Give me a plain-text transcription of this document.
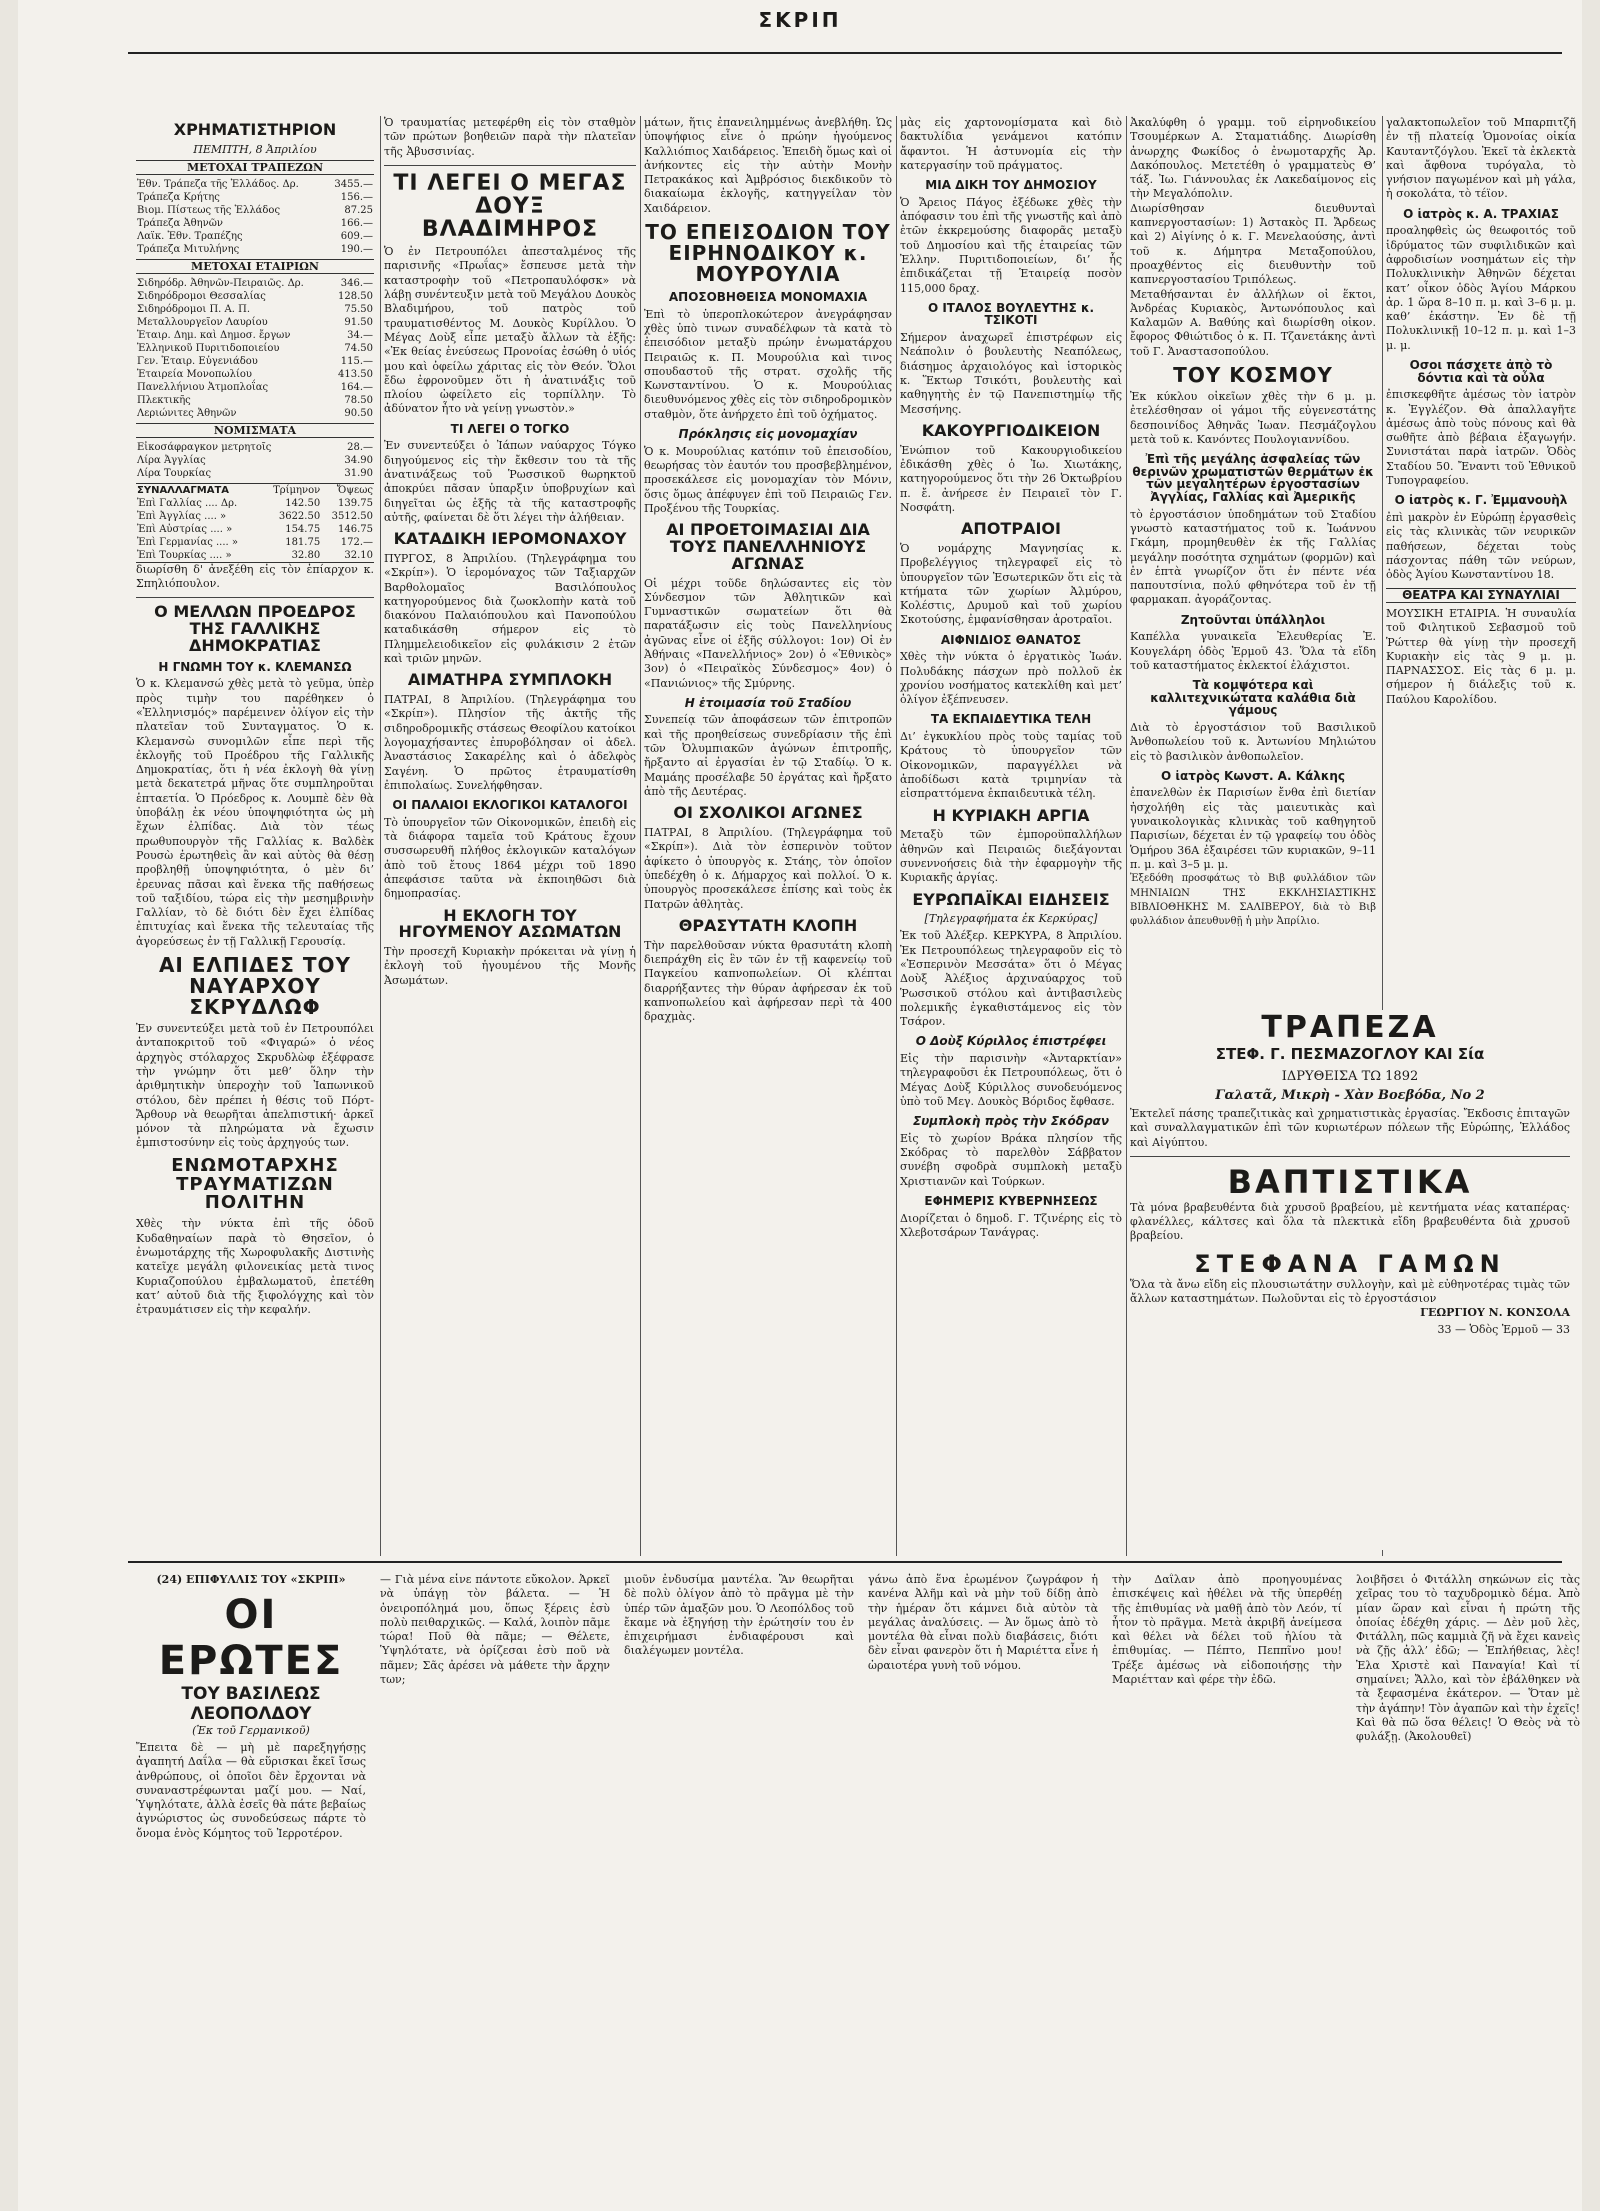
ΣΚΡΙΠ
ΧΡΗΜΑΤΙΣΤΗΡΙΟΝ
ΠΕΜΠΤΗ, 8 Ἀπριλίου
ΜΕΤΟΧΑΙ ΤΡΑΠΕΖΩΝ
Ἐθν. Τράπεζα τῆς Ἑλλάδος. Δρ.	3455.—
Τράπεζα Κρήτης	156.—
Βιομ. Πίστεως τῆς Ἑλλάδος	87.25
Τράπεζα Ἀθηνῶν	166.—
Λαϊκ. Ἐθν. Τραπέζης	609.—
Τράπεζα Μιτυλήνης	190.—
ΜΕΤΟΧΑΙ ΕΤΑΙΡΙΩΝ
Σιδηρόδρ. Ἀθηνῶν-Πειραιῶς. Δρ.	346.—
Σιδηρόδρομοι Θεσσαλίας	128.50
Σιδηρόδρομοι Π. Α. Π.	75.50
Μεταλλουργεῖον Λαυρίου	91.50
Ἑταιρ. Δημ. καὶ Δημοσ. ἔργων	34.—
Ἑλληνικοῦ Πυριτιδοποιείου	74.50
Γεν. Ἑταιρ. Εὐγενιάδου	115.—
Ἑταιρεία Μονοπωλίου	413.50
Πανελλήνιου Ἀτμοπλοΐας	164.—
Πλεκτικῆς	78.50
Λεριώνιτες Ἀθηνῶν	90.50
ΝΟΜΙΣΜΑΤΑ
Εἰκοσάφραγκον μετρητοῖς	28.—
Λίρα Ἀγγλίας	34.90
Λίρα Τουρκίας	31.90
ΣΥΝΑΛΛΑΓΜΑΤΑ	Τρίμηνον	Ὄψεως
Ἐπὶ Γαλλίας .... Δρ.	142.50	139.75
Ἐπὶ Ἀγγλίας .... »	3622.50	3512.50
Ἐπὶ Αὐστρίας .... »	154.75	146.75
Ἐπὶ Γερμανίας .... »	181.75	172.—
Ἐπὶ Τουρκίας .... »	32.80	32.10

διωρίσθη δ' ἀνεξέθη εἰς τὸν ἐπίαρχον κ. Σπηλιόπουλον.

Ο ΜΕΛΛΩΝ ΠΡΟΕΔΡΟΣ ΤΗΣ ΓΑΛΛΙΚΗΣ ΔΗΜΟΚΡΑΤΙΑΣ
Η ΓΝΩΜΗ ΤΟΥ κ. ΚΛΕΜΑΝΣΩ

Ὁ κ. Κλεμανσώ χθὲς μετὰ τὸ γεῦμα, ὑπὲρ πρὸς τιμὴν του παρέθηκεν ὁ «Ἑλληνισμός» παρέμεινεν ὀλίγον εἰς τὴν πλατεῖαν τοῦ Συνταγματος. Ὁ κ. Κλεμανσὼ συνομιλῶν εἶπε περὶ τῆς ἐκλογῆς τοῦ Προέδρου τῆς Γαλλικῆς Δημοκρατίας, ὅτι ἡ νέα ἐκλογὴ θὰ γίνῃ μετὰ δεκατετρά μῆνας ὅτε συμπληροῦται ἑπταετία. Ὁ Πρόεδρος κ. Λουμπὲ δὲν θὰ ὑποβάλῃ ἐκ νέου ὑποψηφιότητα ὡς μὴ ἔχων ἐλπίδας. Διὰ τὸν τέως πρωθυπουργὸν τῆς Γαλλίας κ. Βαλδὲκ Ρουσὼ ἐρωτηθεὶς ἂν καὶ αὐτὸς θὰ θέσῃ προβληθῇ ὑποψηφιότητα, ὁ μὲν δι’ ἐρευνας πᾶσαι καὶ ἕνεκα τῆς παθήσεως τοῦ ταξιδίου, τώρα εἰς τὴν μεσημβρινὴν Γαλλίαν, τὸ δὲ διότι δὲν ἔχει ἐλπίδας ἐπιτυχίας καὶ ἕνεκα τῆς τελευταίας τῆς ἀγορεύσεως ἐν τῇ Γαλλικῇ Γερουσίᾳ.

ΑΙ ΕΛΠΙΔΕΣ ΤΟΥ ΝΑΥΑΡΧΟΥ ΣΚΡΥΔΛΩΦ

Ἐν συνεντεύξει μετὰ τοῦ ἐν Πετρουπόλει ἀνταποκριτοῦ τοῦ «Φιγαρώ» ὁ νέος ἀρχηγὸς στόλαρχος Σκρυδλὼφ ἐξέφρασε τὴν γνώμην ὅτι μεθ’ ὅλην τὴν ἀριθμητικὴν ὑπεροχὴν τοῦ Ἰαπωνικοῦ στόλου, δὲν πρέπει ἡ θέσις τοῦ Πόρτ-Ἄρθουρ νὰ θεωρῆται ἀπελπιστική· ἀρκεῖ μόνον τὰ πληρώματα νὰ ἔχωσιν ἐμπιστοσύνην εἰς τοὺς ἀρχηγούς των.

ΕΝΩΜΟΤΑΡΧΗΣ ΤΡΑΥΜΑΤΙΖΩΝ ΠΟΛΙΤΗΝ

Χθὲς τὴν νύκτα ἐπὶ τῆς ὁδοῦ Κυδαθηναίων παρὰ τὸ Θησεῖον, ὁ ἐνωμοτάρχης τῆς Χωροφυλακῆς Διστινὴς κατεῖχε μεγάλη φιλονεικίας μετὰ τινος Κυριαζοπούλου ἐμβαλωματοῦ, ἐπετέθη κατ’ αὐτοῦ διὰ τῆς ξιφολόγχης καὶ τὸν ἐτραυμάτισεν εἰς τὴν κεφαλήν.

Ὁ τραυματίας μετεφέρθη εἰς τὸν σταθμὸν τῶν πρώτων βοηθειῶν παρὰ τὴν πλατεῖαν τῆς Ἀβυσσινίας.

ΤΙ ΛΕΓΕΙ Ο ΜΕΓΑΣ ΔΟΥΞ ΒΛΑΔΙΜΗΡΟΣ

Ὁ ἐν Πετρουπόλει ἀπεσταλμένος τῆς παρισινῆς «Πρωΐας» ἔσπευσε μετὰ τὴν καταστροφὴν τοῦ «Πετροπαυλόφσκ» νὰ λάβῃ συνέντευξιν μετὰ τοῦ Μεγάλου Δουκὸς Βλαδιμήρου, τοῦ πατρὸς τοῦ τραυματισθέντος Μ. Δουκὸς Κυρίλλου. Ὁ Μέγας Δοὺξ εἶπε μεταξὺ ἄλλων τὰ ἑξῆς: «Ἐκ θείας ἐνεύσεως Προνοίας ἐσώθη ὁ υἱός μου καὶ ὀφείλω χάριτας εἰς τὸν Θεόν. Ὅλοι ἔδω ἐφρονοῦμεν ὅτι ἡ ἀνατινάξις τοῦ πλοίου ὠφείλετο εἰς τορπίλλην. Τὸ ἀδύνατον ἦτο νὰ γείνῃ γνωστὸν.»

ΤΙ ΛΕΓΕΙ Ο ΤΟΓΚΟ

Ἐν συνεντεύξει ὁ Ἰάπων ναύαρχος Τόγκο διηγούμενος εἰς τὴν ἔκθεσιν του τὰ τῆς ἀνατινάξεως τοῦ Ῥωσσικοῦ θωρηκτοῦ ἀποκρύει πᾶσαν ὑπαρξιν ὑποβρυχίων καὶ διηγεῖται ὡς ἑξῆς τὰ τῆς καταστροφῆς αὐτῆς, φαίνεται δὲ ὅτι λέγει τὴν ἀλήθειαν.

ΚΑΤΑΔΙΚΗ ΙΕΡΟΜΟΝΑΧΟΥ

ΠΥΡΓΟΣ, 8 Ἀπριλίου. (Τηλεγράφημα του «Σκρίπ»). Ὁ ἱερομόναχος τῶν Ταξιαρχῶν Βαρθολομαῖος Βασιλόπουλος κατηγορούμενος διὰ ζωοκλοπὴν κατὰ τοῦ διακόνου Παλαιόπουλου καὶ Πανοπούλου καταδικάσθη σήμερον εἰς τὸ Πλημμελειοδικεῖον εἰς φυλάκισιν 2 ἐτῶν καὶ τριῶν μηνῶν.

ΑΙΜΑΤΗΡΑ ΣΥΜΠΛΟΚΗ

ΠΑΤΡΑΙ, 8 Ἀπριλίου. (Τηλεγράφημα του «Σκρίπ»). Πλησίον τῆς ἀκτῆς τῆς σιδηροδρομικῆς στάσεως Θεοφίλου κατοίκοι λογομαχήσαντες ἐπυροβόλησαν οἱ ἀδελ. Ἀναστάσιος Σακαρέλης καὶ ὁ ἀδελφὸς Σαγένη. Ὁ πρῶτος ἐτραυματίσθη ἐπιπολαίως. Συνελήφθησαν.

ΟΙ ΠΑΛΑΙΟΙ ΕΚΛΟΓΙΚΟΙ ΚΑΤΑΛΟΓΟΙ

Τὸ ὑπουργεῖον τῶν Οἰκονομικῶν, ἐπειδὴ εἰς τὰ διάφορα ταμεῖα τοῦ Κράτους ἔχουν συσσωρευθῆ πλήθος ἐκλογικῶν καταλόγων ἀπὸ τοῦ ἔτους 1864 μέχρι τοῦ 1890 ἀπεφάσισε ταῦτα νὰ ἐκποιηθῶσι διὰ δημοπρασίας.

Η ΕΚΛΟΓΗ ΤΟΥ ΗΓΟΥΜΕΝΟΥ ΑΣΩΜΑΤΩΝ

Τὴν προσεχῆ Κυριακὴν πρόκειται νὰ γίνῃ ἡ ἐκλογὴ τοῦ ἡγουμένου τῆς Μονῆς Ἀσωμάτων.

μάτων, ἥτις ἐπανειλημμένως ἀνεβλήθη. Ὡς ὑποψήφιος εἶνε ὁ πρώην ἡγούμενος Καλλιόπιος Χαιδάρειος. Ἐπειδὴ ὅμως καὶ οἱ ἀνήκοντες εἰς τὴν αὐτὴν Μονὴν Πετρακάκος καὶ Ἀμβρόσιος διεκδικοῦν τὸ διακαίωμα ἐκλογῆς, κατηγγείλαν τὸν Χαιδάρειον.

ΤΟ ΕΠΕΙΣΟΔΙΟΝ ΤΟΥ ΕΙΡΗΝΟΔΙΚΟΥ κ. ΜΟΥΡΟΥΛΙΑ
ΑΠΟΣΟΒΗΘΕΙΣΑ ΜΟΝΟΜΑΧΙΑ

Ἐπὶ τὸ ὑπεροπλοκώτερον ἀνεγράφησαν χθὲς ὑπὸ τινων συναδέλφων τὰ κατὰ τὸ ἐπεισόδιον μεταξὺ πρώην ἐνωματάρχου Πειραιῶς κ. Π. Μουρούλια καὶ τινος σπουδαστοῦ τῆς στρατ. σχολῆς τῆς Κωνσταντίνου. Ὁ κ. Μουρούλιας διευθυνόμενος χθὲς εἰς τὸν σιδηροδρομικὸν σταθμὸν, ὅτε ἀνήρχετο ἐπὶ τοῦ ὀχήματος.

Πρόκλησις εἰς μονομαχίαν

Ὁ κ. Μουρούλιας κατόπιν τοῦ ἐπεισοδίου, θεωρήσας τὸν ἑαυτόν του προσβεβλημένον, προσεκάλεσε εἰς μονομαχίαν τὸν Μόνιν, ὅσις ὅμως ἀπέφυγεν ἐπὶ τοῦ Πειραιῶς Γεν. Προξένου τῆς Τουρκίας.

ΑΙ ΠΡΟΕΤΟΙΜΑΣΙΑΙ ΔΙΑ ΤΟΥΣ ΠΑΝΕΛΛΗΝΙΟΥΣ ΑΓΩΝΑΣ

Οἱ μέχρι τοῦδε δηλώσαντες εἰς τὸν Σύνδεσμον τῶν Ἀθλητικῶν καὶ Γυμναστικῶν σωματείων ὅτι θὰ παρατάξωσιν εἰς τοὺς Πανελληνίους ἀγῶνας εἶνε οἱ ἑξῆς σύλλογοι: 1ον) Οἱ ἐν Ἀθήναις «Πανελλήνιος» 2ον) ὁ «Ἐθνικὸς» 3ον) ὁ «Πειραϊκὸς Σύνδεσμος» 4ον) ὁ «Πανιώνιος» τῆς Σμύρνης.

Η ἑτοιμασία τοῦ Σταδίου

Συνεπείᾳ τῶν ἀποφάσεων τῶν ἐπιτροπῶν καὶ τῆς προηθείσεως συνεδρίασιν τῆς ἐπὶ τῶν Ὀλυμπιακῶν ἀγώνων ἐπιτροπῆς, ἤρξαντο αἱ ἐργασίαι ἐν τῷ Σταδίῳ. Ὁ κ. Μαμάης προσέλαβε 50 ἐργάτας καὶ ἤρξατο ἀπὸ τῆς Δευτέρας.

ΟΙ ΣΧΟΛΙΚΟΙ ΑΓΩΝΕΣ

ΠΑΤΡΑΙ, 8 Ἀπριλίου. (Τηλεγράφημα τοῦ «Σκρίπ»). Διὰ τὸν ἐσπερινὸν τοῦτον ἀφίκετο ὁ ὑπουργὸς κ. Στάης, τὸν ὁποῖον ὑπεδέχθη ὁ κ. Δήμαρχος καὶ πολλοί. Ὁ κ. ὑπουργὸς προσεκάλεσε ἐπίσης καὶ τοὺς ἐκ Πατρῶν ἀθλητὰς.

ΘΡΑΣΥΤΑΤΗ ΚΛΟΠΗ

Τὴν παρελθοῦσαν νύκτα θρασυτάτη κλοπὴ διεπράχθη εἰς ἓν τῶν ἐν τῇ καφενείῳ τοῦ Παγκείου καπνοπωλείων. Οἱ κλέπται διαρρήξαντες τὴν θύραν ἀφήρεσαν ἐκ τοῦ καπνοπωλείου καὶ ἀφήρεσαν περὶ τὰ 400 δραχμὰς.

μὰς εἰς χαρτονομίσματα καὶ διὸ δακτυλίδια γενάμενοι κατόπιν ἄφαντοι. Ἡ ἀστυνομία εἰς τὴν κατεργασίην τοῦ πράγματος.

ΜΙΑ ΔΙΚΗ ΤΟΥ ΔΗΜΟΣΙΟΥ

Ὁ Ἄρειος Πάγος ἐξέδωκε χθὲς τὴν ἀπόφασιν του ἐπὶ τῆς γνωστῆς καὶ ἀπὸ ἐτῶν ἐκκρεμούσης διαφορᾶς μεταξὺ τοῦ Δημοσίου καὶ τῆς ἑταιρείας τῶν Ἐλλην. Πυριτιδοποιείων, δι’ ἧς ἐπιδικάζεται τῇ Ἑταιρείᾳ ποσὸν 115,000 δραχ.

Ο ΙΤΑΛΟΣ ΒΟΥΛΕΥΤΗΣ κ. ΤΣΙΚΟΤΙ

Σήμερον ἀναχωρεῖ ἐπιστρέφων εἰς Νεάπολιν ὁ βουλευτὴς Νεαπόλεως, διάσημος ἀρχαιολόγος καὶ ἱστορικὸς κ. Ἕκτωρ Τσικότι, βουλευτὴς καὶ καθηγητὴς ἐν τῷ Πανεπιστημίῳ τῆς Μεσσήνης.

ΚΑΚΟΥΡΓΙΟΔΙΚΕΙΟΝ

Ἐνώπιον τοῦ Κακουργιοδικείου ἐδικάσθη χθὲς ὁ Ἰω. Χιωτάκης, κατηγορούμενος ὅτι τὴν 26 Ὀκτωβρίου π. ἔ. ἀνήρεσε ἐν Πειραιεῖ τὸν Γ. Νοσφάτη.

ΑΠΟΤΡΑΙΟΙ

Ὁ νομάρχης Μαγνησίας κ. Προβελέγγιος τηλεγραφεῖ εἰς τὸ ὑπουργεῖον τῶν Ἐσωτερικῶν ὅτι εἰς τὰ κτήματα τῶν χωρίων Ἀλμύρου, Κολέστις, Δρυμοῦ καὶ τοῦ χωρίου Σκοτούσης, ἐμφανίσθησαν ἀροτραῖοι.

ΑΙΦΝΙΔΙΟΣ ΘΑΝΑΤΟΣ

Χθὲς τὴν νύκτα ὁ ἐργατικὸς Ἰωάν. Πολυδάκης πάσχων πρὸ πολλοῦ ἐκ χρονίου νοσήματος κατεκλίθη καὶ μετ’ ὀλίγον ἐξέπνευσεν.

ΤΑ ΕΚΠΑΙΔΕΥΤΙΚΑ ΤΕΛΗ

Δι’ ἐγκυκλίου πρὸς τοὺς ταμίας τοῦ Κράτους τὸ ὑπουργεῖον τῶν Οἰκονομικῶν, παραγγέλλει νὰ ἀποδίδωσι κατὰ τριμηνίαν τὰ εἰσπραττόμενα ἐκπαιδευτικὰ τέλη.

Η ΚΥΡΙΑΚΗ ΑΡΓΙΑ

Μεταξὺ τῶν ἐμποροϋπαλλήλων ἀθηνῶν καὶ Πειραιῶς διεξάγονται συνεννοήσεις διὰ τὴν ἐφαρμογὴν τῆς Κυριακῆς ἀργίας.

ΕΥΡΩΠΑΪΚΑΙ ΕΙΔΗΣΕΙΣ
[Τηλεγραφήματα ἐκ Κερκύρας]

Ἐκ τοῦ Ἀλέξερ. ΚΕΡΚΥΡΑ, 8 Ἀπριλίου. Ἐκ Πετρουπόλεως τηλεγραφοῦν εἰς τὸ «Ἑσπερινὸν Μεσσάτα» ὅτι ὁ Μέγας Δοὺξ Ἀλέξιος ἀρχιναύαρχος τοῦ Ῥωσσικοῦ στόλου καὶ ἀντιβασιλεὺς πολεμικῆς ἐγκαθιστάμενος εἰς τὸν Τσάρον.

Ο Δοὺξ Κύριλλος ἐπιστρέφει

Εἰς τὴν παρισινὴν «Ἀνταρκτίαν» τηλεγραφοῦσι ἐκ Πετρουπόλεως, ὅτι ὁ Μέγας Δοὺξ Κύριλλος συνοδευόμενος ὑπὸ τοῦ Μεγ. Δουκὸς Βόριδος ἔφθασε.

Συμπλοκὴ πρὸς τὴν Σκόδραν

Εἰς τὸ χωρίον Βράκα πλησίον τῆς Σκόδρας τὸ παρελθὸν Σάββατον συνέβη σφοδρὰ συμπλοκὴ μεταξὺ Χριστιανῶν καὶ Τούρκων.

ΕΦΗΜΕΡΙΣ ΚΥΒΕΡΝΗΣΕΩΣ

Διορίζεται ὁ δημοδ. Γ. Τζινέρης εἰς τὸ Χλεβοτσάρων Τανάγρας.

Ἀκαλύφθη ὁ γραμμ. τοῦ εἰρηνοδικείου Τσουμέρκων Α. Σταματιάδης. Διωρίσθη ἀνωρχης Φωκίδος ὁ ἐνωμοταρχῆς Ἀρ. Δακόπουλος. Μετετέθη ὁ γραμματεὺς Θ’ τάξ. Ἰω. Γιάννουλας ἐκ Λακεδαίμονος εἰς τὴν Μεγαλόπολιν.

Διωρίσθησαν διευθυνταὶ καπνεργοστασίων: 1) Ἀστακὸς Π. Ἄρδεως καὶ 2) Αἰγίνης ὁ κ. Γ. Μενελαούσης, ἀντὶ τοῦ κ. Δήμητρα Μεταξοπούλου, προαχθέντος εἰς διευθυντὴν τοῦ καπνεργοστασίου Τριπόλεως.

Μεταθήσανται ἐν ἀλλήλων οἱ ἕκτοι, Ἀνδρέας Κυριακὸς, Ἀντωνόπουλος καὶ Καλαμῶν Α. Βαθύης καὶ διωρίσθη οἰκον. ἔφορος Φθιώτιδος ὁ κ. Π. Τζανετάκης ἀντὶ τοῦ Γ. Ἀναστασοπούλου.

ΤΟΥ ΚΟΣΜΟΥ

Ἐκ κύκλου οἰκεῖων χθὲς τὴν 6 μ. μ. ἐτελέσθησαν οἱ γάμοι τῆς εὐγενεστάτης δεσποινίδος Ἀθηνᾶς Ἰωαν. Πεσμάζογλου μετὰ τοῦ κ. Κανόντες Πουλογιαννίδου.

Ἐπὶ τῆς μεγάλης ἀσφαλείας τῶν θερινῶν χρωματιστῶν θερμάτων ἐκ τῶν μεγαλητέρων ἐργοστασίων Ἀγγλίας, Γαλλίας καὶ Ἀμερικῆς

τὸ ἐργοστάσιον ὑποδημάτων τοῦ Σταδίου γνωστὸ καταστήματος τοῦ κ. Ἰωάννου Γκάμη, προμηθευθὲν ἐκ τῆς Γαλλίας μεγάλην ποσότητα σχημάτων (φορμῶν) καὶ ἐν ἑπτὰ γνωρίζον ὅτι ἐν πέντε νέα παπουτσίνια, πολύ φθηνότερα τοῦ ἐν τῇ φαρμακαπ. ἀγοράζοντας.

Ζητοῦνται ὑπάλληλοι

Καπέλλα γυναικεῖα Ἐλευθερίας Ἐ. Κουγελάρη ὁδὸς Ἑρμοῦ 43. Ὅλα τὰ εἴδη τοῦ καταστήματος ἐκλεκτοί ἐλάχιστοι.

Τὰ κομψότερα καὶ καλλιτεχνικώτατα καλάθια διὰ γάμους

Διὰ τὸ ἐργοστάσιον τοῦ Βασιλικοῦ Ἀνθοπωλείου τοῦ κ. Ἀντωνίου Μηλιώτου εἰς τὸ βασιλικὸν ἀνθοπωλεῖον.

Ο ἰατρὸς Κωνστ. Α. Κάλκης

ἐπανελθὼν ἐκ Παρισίων ἔνθα ἐπὶ διετίαν ἠσχολήθη εἰς τὰς μαιευτικὰς καὶ γυναικολογικὰς κλινικὰς τοῦ καθηγητοῦ Παρισίων, δέχεται ἐν τῷ γραφείῳ του ὁδὸς Ὁμήρου 36Α ἐξαιρέσει τῶν κυριακῶν, 9–11 π. μ. καὶ 3–5 μ. μ.

Ἐξεδόθη προσφάτως τὸ Βιβ φυλλάδιον τῶν ΜΗΝΙΑΙΩΝ ΤΗΣ ΕΚΚΛΗΣΙΑΣΤΙΚΗΣ ΒΙΒΛΙΟΘΗΚΗΣ Μ. ΣΑΛΙΒΕΡΟΥ, διὰ τὸ Βιβ φυλλάδιον ἀπευθυνθῇ ἡ μὴν Ἀπρίλιο.

γαλακτοπωλεῖον τοῦ Μπαρπιτζῆ ἐν τῇ πλατείᾳ Ὁμονοίας οἰκία Καυταντζόγλου. Ἐκεῖ τὰ ἐκλεκτὰ καὶ ἄφθονα τυρόγαλα, τὸ γνήσιον παγωμένον καὶ μὴ γάλα, ἡ σοκολάτα, τὸ τέϊον.

Ο ἰατρὸς κ. Α. ΤΡΑΧΙΑΣ

προαληφθεὶς ὡς θεωφοιτός τοῦ ἱδρύματος τῶν συφιλιδικῶν καὶ ἀφροδισίων νοσημάτων εἰς τὴν Πολυκλινικὴν Ἀθηνῶν δέχεται κατ’ οἶκον ὁδὸς Ἁγίου Μάρκου ἀρ. 1 ὥρα 8–10 π. μ. καὶ 3–6 μ. μ. καθ’ ἑκάστην. Ἐν δὲ τῇ Πολυκλινικῇ 10–12 π. μ. καὶ 1–3 μ. μ.

Οσοι πάσχετε ἀπὸ τὸ δόντια καὶ τὰ οὖλα

ἐπισκεφθῆτε ἀμέσως τὸν ἰατρὸν κ. Ἐγγλέζον. Θὰ ἀπαλλαγῆτε ἀμέσως ἀπὸ τοὺς πόνους καὶ θὰ σωθῆτε ἀπὸ βέβαια ἐξαγωγήν. Συνιστάται παρὰ ἰατρῶν. Ὁδὸς Σταδίου 50. Ἔναντι τοῦ Ἐθνικοῦ Τυπογραφείου.

Ο ἰατρὸς κ. Γ. Ἐμμανουὴλ

ἐπὶ μακρὸν ἐν Εὐρώπῃ ἐργασθεὶς εἰς τὰς κλινικὰς τῶν νευρικῶν παθήσεων, δέχεται τοὺς πάσχοντας πάθη τῶν νεύρων, ὁδὸς Ἁγίου Κωνσταντίνου 18.

ΘΕΑΤΡΑ ΚΑΙ ΣΥΝΑΥΛΙΑΙ

ΜΟΥΣΙΚΗ ΕΤΑΙΡΙΑ. Ἡ συναυλία τοῦ Φιλητικοῦ Σεβασμοῦ τοῦ Ῥώττερ θὰ γίνῃ τὴν προσεχῆ Κυριακὴν εἰς τὰς 9 μ. μ. ΠΑΡΝΑΣΣΟΣ. Εἰς τὰς 6 μ. μ. σήμερον ἡ διάλεξις τοῦ κ. Παύλου Καρολίδου.

ΤΡΑΠΕΖΑ
ΣΤΕΦ. Γ. ΠΕΣΜΑΖΟΓΛΟΥ ΚΑΙ Σία
ΙΔΡΥΘΕΙΣΑ ΤΩ 1892
Γαλατᾶ, Μικρὴ - Χὰν Βοεβόδα, Νο 2

Ἐκτελεῖ πάσης τραπεζιτικὰς καὶ χρηματιστικὰς ἐργασίας. Ἔκδοσις ἐπιταγῶν καὶ συναλλαγματικῶν ἐπὶ τῶν κυριωτέρων πόλεων τῆς Εὐρώπης, Ἑλλάδος καὶ Αἰγύπτου.

ΒΑΠΤΙΣΤΙΚΑ

Τὰ μόνα βραβευθέντα διὰ χρυσοῦ βραβείου, μὲ κεντήματα νέας καταπέρας· φλανέλλες, κάλτσες καὶ ὅλα τὰ πλεκτικὰ εἴδη βραβευθέντα διὰ χρυσοῦ βραβείου.

ΣΤΕΦΑΝΑ ΓΑΜΩΝ

Ὅλα τὰ ἄνω εἴδη εἰς πλουσιωτάτην συλλογὴν, καὶ μὲ εὐθηνοτέρας τιμὰς τῶν ἄλλων καταστημάτων. Πωλοῦνται εἰς τὸ ἐργοστάσιον

ΓΕΩΡΓΙΟΥ Ν. ΚΟΝΣΟΛΑ
33 — Ὁδὸς Ἑρμοῦ — 33
(24) ΕΠΙΦΥΛΛΙΣ ΤΟΥ «ΣΚΡΙΠ»
ΟΙ ΕΡΩΤΕΣ
ΤΟΥ ΒΑΣΙΛΕΩΣ ΛΕΟΠΟΛΔΟΥ
(Ἐκ τοῦ Γερμανικοῦ)

Ἔπειτα δὲ — μὴ μὲ παρεξηγήσῃς ἀγαπητή Δαΐλα — θὰ εὕρισκαι ἔκεῖ ἴσως ἀνθρώπους, οἱ ὁποῖοι δὲν ἔρχονται νὰ συναναστρέφωνται μαζί μου. — Ναί, Ὑψηλότατε, ἀλλὰ ἐσεῖς θὰ πάτε βεβαίως ἀγνώριστος ὡς συνοδεύσεως πάρτε τὸ ὄνομα ἑνὸς Κόμητος τοῦ Ἱερροτέρον.

— Γιὰ μένα εἶνε πάντοτε εὔκολον. Ἀρκεῖ νὰ ὑπάγῃ τὸν βάλετα. — Ἡ ὀνειροπόλημά μου, ὅπως ξέρεις ἐσὺ πολὺ πειθαρχικῶς. — Καλά, λοιπὸν πᾶμε τώρα! Ποῦ θὰ πᾶμε; — Θέλετε, Ὑψηλότατε, νὰ ὁρίζεσαι ἐσὺ ποῦ νὰ πᾶμεν; Σᾶς ἀρέσει νὰ μάθετε τὴν ἄρχην των;

μιοῦν ἐνδυσίμα μαντέλα. Ἂν θεωρῆται δὲ πολὺ ὀλίγον ἀπὸ τὸ πρᾶγμα μὲ τὴν ὑπέρ τῶν ἀμαξῶν μου. Ὁ Λεοπόλδος τοῦ ἔκαμε νὰ ἑξηγήσῃ τὴν ἐρώτησίν του ἐν ἐπιχειρήμασι ἐνδιαφέρουσι καὶ διαλέγωμεν μοντέλα.

γάνω ἀπὸ ἕνα ἐρωμένον ζωγράφον ἡ κανένα Ἀλῆμ καὶ νὰ μὴν τοῦ δίδῃ ἀπὸ τὴν ἡμέραν ὅτι κάμνει διὰ αὐτὸν τὰ μεγάλας ἀναλύσεις. — Ἀν ὅμως ἀπὸ τὸ μοντέλα θὰ εἶναι πολὺ διαβάσεις, διότι δὲν εἶναι φανερὸν ὅτι ἡ Μαριέττα εἶνε ἡ ὡραιοτέρα γυνὴ τοῦ νόμου.

τὴν Δαΐλαν ἀπὸ προηγουμένας ἐπισκέψεις καὶ ἠθέλει νὰ τῆς ὑπερθέῃ τῆς ἐπιθυμίας νὰ μαθῇ ἀπὸ τὸν Λεόν, τί ἦτον τὸ πρᾶγμα. Μετὰ ἀκριβῆ ἀνείμεσα καὶ θέλει νὰ δέλει τοῦ ἡλίου τὰ ἐπιθυμίας. — Πέπτο, Πεππῖνο μου! Τρέξε ἀμέσως νὰ εἰδοποιήσῃς τὴν Μαριέτταν καὶ φέρε τὴν ἐδῶ.

λοιβῆσει ὁ Φιτάλλη σηκώνων εἰς τὰς χεῖρας του τὸ ταχυδρομικὸ δέμα. Ἀπὸ μίαν ὥραν καὶ εἶναι ἡ πρώτη τῆς ὁποίας ἐδέχθη χάρις. — Δὲν μοῦ λὲς, Φιτάλλη, πῶς καμμιὰ ζῆ νὰ ἔχει κανεὶς νὰ ζῇς ἀλλ’ ἐδῶ; — Ἐπλήθειας, λὲς! Ἐλα Χριστὲ καὶ Παναγία! Καὶ τί σημαίνει; Ἄλλο, καὶ τὸν ἐβάλθηκεν νὰ τὰ ξεφασμένα ἑκάτερον. — Ὅταν μὲ τὴν ἀγάπην! Τὸν ἀγαπῶν καὶ τὴν ἐχεῖς! Καὶ θὰ πῶ ὅσα θέλεις! Ὁ Θεὸς νὰ τὸ φυλάξῃ. (Ἀκολουθεῖ)
